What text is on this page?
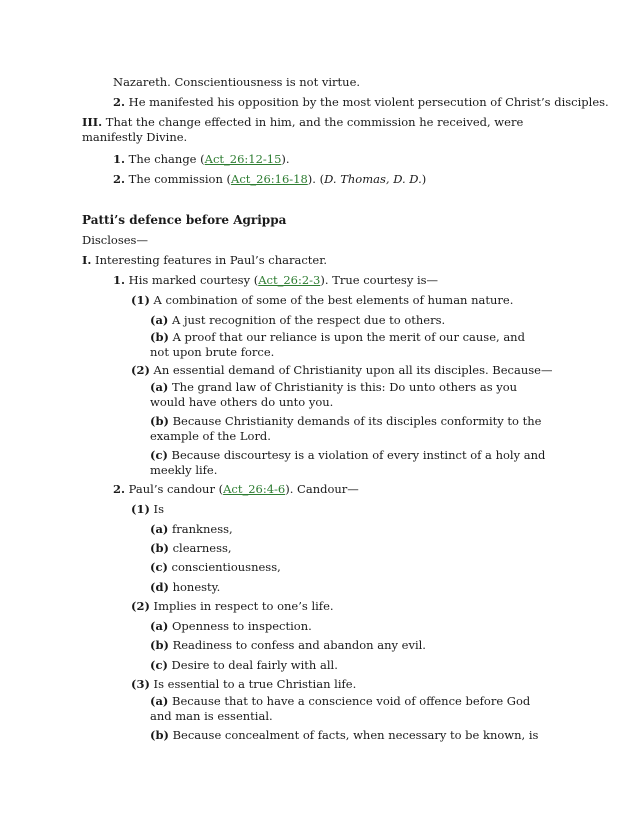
Nazareth. Conscientiousness is not virtue.
2. He manifested his opposition by the most violent persecution of Christ’s disciples.
III. That the change effected in him, and the commission he received, were manifestly Divine.
1. The change (Act_26:12-15).
2. The commission (Act_26:16-18). (D. Thomas, D. D.)
Patti’s defence before Agrippa
Discloses—
I. Interesting features in Paul’s character.
1. His marked courtesy (Act_26:2-3). True courtesy is—
(1) A combination of some of the best elements of human nature.
(a) A just recognition of the respect due to others.
(b) A proof that our reliance is upon the merit of our cause, and not upon brute force.
(2) An essential demand of Christianity upon all its disciples. Because—
(a) The grand law of Christianity is this: Do unto others as you would have others do unto you.
(b) Because Christianity demands of its disciples conformity to the example of the Lord.
(c) Because discourtesy is a violation of every instinct of a holy and meekly life.
2. Paul’s candour (Act_26:4-6). Candour—
(1) Is
(a) frankness,
(b) clearness,
(c) conscientiousness,
(d) honesty.
(2) Implies in respect to one’s life.
(a) Openness to inspection.
(b) Readiness to confess and abandon any evil.
(c) Desire to deal fairly with all.
(3) Is essential to a true Christian life.
(a) Because that to have a conscience void of offence before God and man is essential.
(b) Because concealment of facts, when necessary to be known, is
